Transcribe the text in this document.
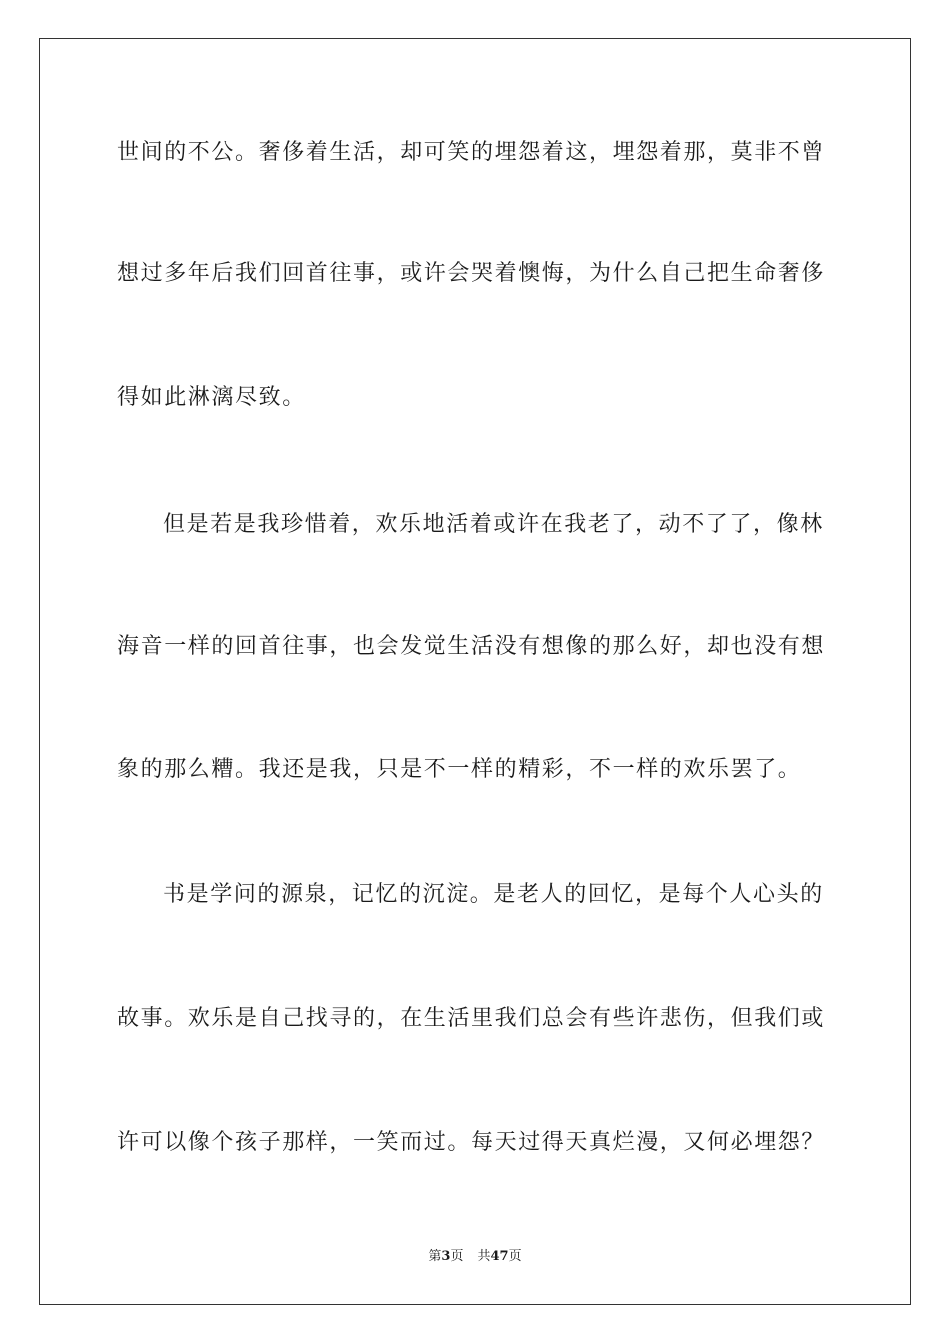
世间的不公。奢侈着生活，却可笑的埋怨着这，埋怨着那，莫非不曾
想过多年后我们回首往事，或许会哭着懊悔，为什么自己把生命奢侈
得如此淋漓尽致。
但是若是我珍惜着，欢乐地活着或许在我老了，动不了了，像林
海音一样的回首往事，也会发觉生活没有想像的那么好，却也没有想
象的那么糟。我还是我，只是不一样的精彩，不一样的欢乐罢了。
书是学问的源泉，记忆的沉淀。是老人的回忆，是每个人心头的
故事。欢乐是自己找寻的，在生活里我们总会有些许悲伤，但我们或
许可以像个孩子那样，一笑而过。每天过得天真烂漫，又何必埋怨？
第3页 共47页
